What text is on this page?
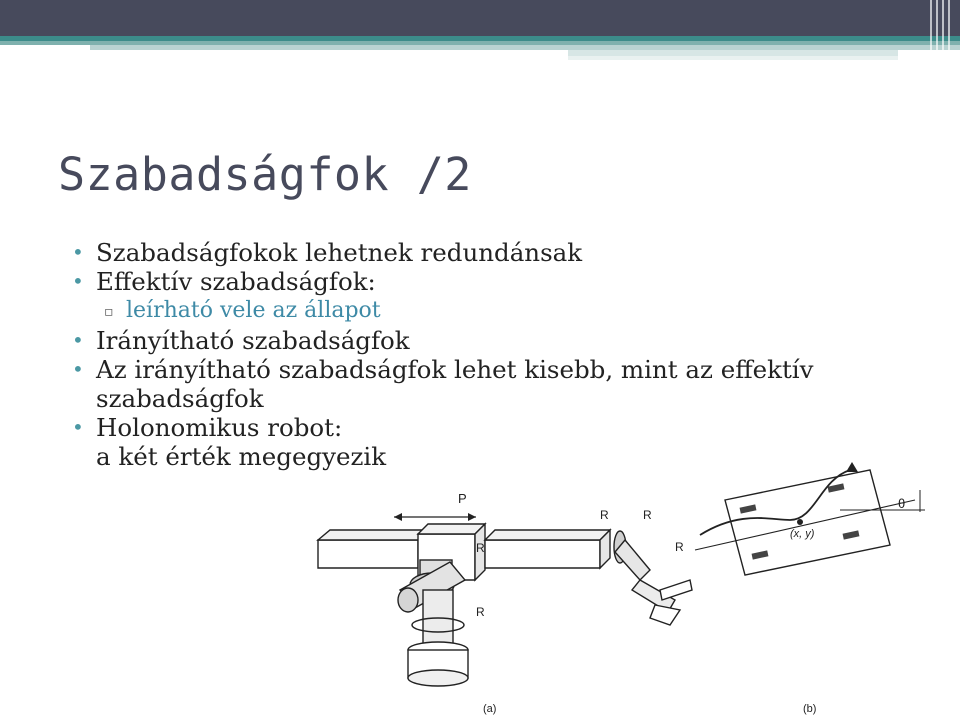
Szabadságfok /2
• Szabadságfokok lehetnek redundánsak
• Effektív szabadságfok:
▫ leírható vele az állapot
• Irányítható szabadságfok
• Az irányítható szabadságfok lehet kisebb, mint az effektív szabadságfok
• Holonomikus robot:
a két érték megegyezik
P
R
R
R	R
R
(x, y)
θ
(a)	(b)
